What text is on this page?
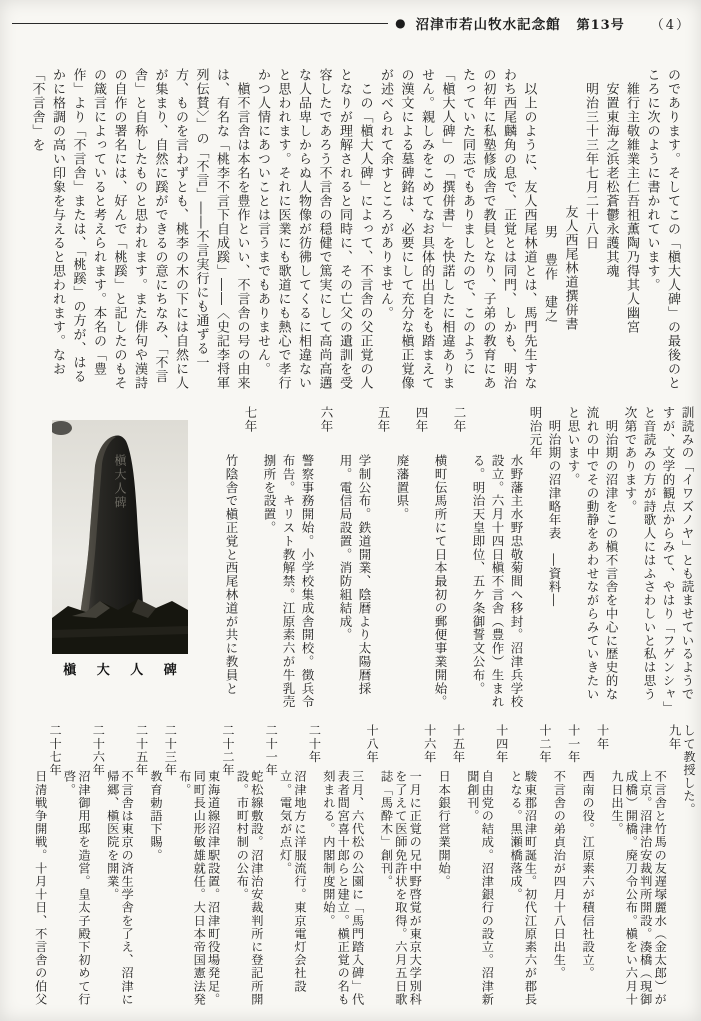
● 沼津市若山牧水記念館 第13号 （4）

のであります。そしてこの「槇大人碑」の最後のところに次のように書かれています。

維行主敬維業主仁吾祖薫陶乃得其人幽宮

安置東海之浜老松蒼鬱永護其魂

明治三十三年七月二十八日

友人西尾林道撰併書

男　豊作　建之

　以上のように、友人西尾林道とは、馬門先生すなわち西尾麟角の息で、正覚とは同門、しかも、明治の初年に私塾修成舎で教員となり、子弟の教育にあたっていた同志でもありましたので、このように「槇大人碑」の「撰併書」を快諾したに相違ありません。親しみをこめてなお具体的出自をも踏まえての漢文による墓碑銘は、必要にして充分な槇正覚像が述べられて余すところがありません。

　この「槇大人碑」によって、不言舎の父正覚の人となりが理解されると同時に、その亡父の遺訓を受容したであろう不言舎の穏健で篤実にして高尚高邁な人品卑しからぬ人物像が彷彿してくるに相違ないと思われます。それに医業にも歌道にも熱心で孝行かつ人情にあついことは言うまでもありません。

　槇不言舎は本名を豊作といい、不言舎の号の由来は、有名な「桃李不言下自成蹊」――〈史記李将軍列伝賛〉」の「不言」――不言実行にも通ずる一方、ものを言わずとも、桃李の木の下には自然に人が集まり、自然に蹊ができるの意にちなみ、「不言舎」と自称したものと思われます。また俳句や漢詩の自作の署名には、好んで「桃蹊」と記したのもその箴言によっていると考えられます。本名の「豊作」より「不言舎」または、「桃蹊」の方が、はるかに格調の高い印象を与えると思われます。なお「不言舎」を

槇大人碑
槇 大 人 碑	訓読みの「イワズノヤ」とも読ませているようですが、文学的観点からみて、やはり「フゲンシャ」と音読みの方が詩歌人にはふさわしいと私は思う次第であります。

　明治期の沼津をこの槇不言舎を中心に歴史的な流れの中でその動静をあわせながらみていきたいと思います。

　明治期の沼津略年表　―資料―

明治元年

水野藩主水野忠敬菊間へ移封。沼津兵学校設立。六月十四日槇不言舎（豊作）生まれる。明治天皇即位、五ケ条御誓文公布。

二年

横町伝馬所にて日本最初の郵便事業開始。

四年

廃藩置県。

五年

学制公布。鉄道開業、陰暦より太陽暦採用。電信局設置。消防組結成。

六年

警察事務開始。小学校集成舎開校。徴兵令布告。キリスト教解禁。江原素六が牛乳売捌所を設置。

七年

竹陰舎で槇正覚と西尾林道が共に教員と

して教授した。

九年

不言舎と竹馬の友遅塚麗水（金太郎）が上京。沼津治安裁判所開設。湊橋（現御成橋）開橋。廃刀令公布。槇をい六月十九日出生。

十年

西南の役。江原素六が積信社設立。

十一年

不言舎の弟貞治が四月十八日出生。

十二年

駿東郡沼津町誕生。初代江原素六が郡長となる。黒瀬橋落成。

十四年

自由党の結成。沼津銀行の設立。沼津新聞創刊。

十五年

日本銀行営業開始。

十六年

一月に正覚の兄中野啓覚が東京大学別科を了えて医師免許状を取得。六月五日歌誌「馬酔木」創刊。

十八年

三月、六代松の公園に「馬門踏入碑」代表者間宮喜十郎らと建立。槇正覚の名も刻まれる。内閣制度開始。

二十年

沼津地方に洋服流行。東京電灯会社設立。電気が点灯。

二十一年

蛇松線敷設。沼津治安裁判所に登記所開設。市町村制の公布。

二十二年

東海道線沼津駅設置。沼津町役場発足。同町長山形敏雄就任。大日本帝国憲法発布。

二十三年

教育勅語下賜。

二十五年

不言舎は東京の済生学舎を了え、沼津に帰郷、槇医院を開業。

二十六年

沼津御用邸を造営。皇太子殿下初めて行啓。

二十七年

日清戦争開戦。十月十日、不言舎の伯父
